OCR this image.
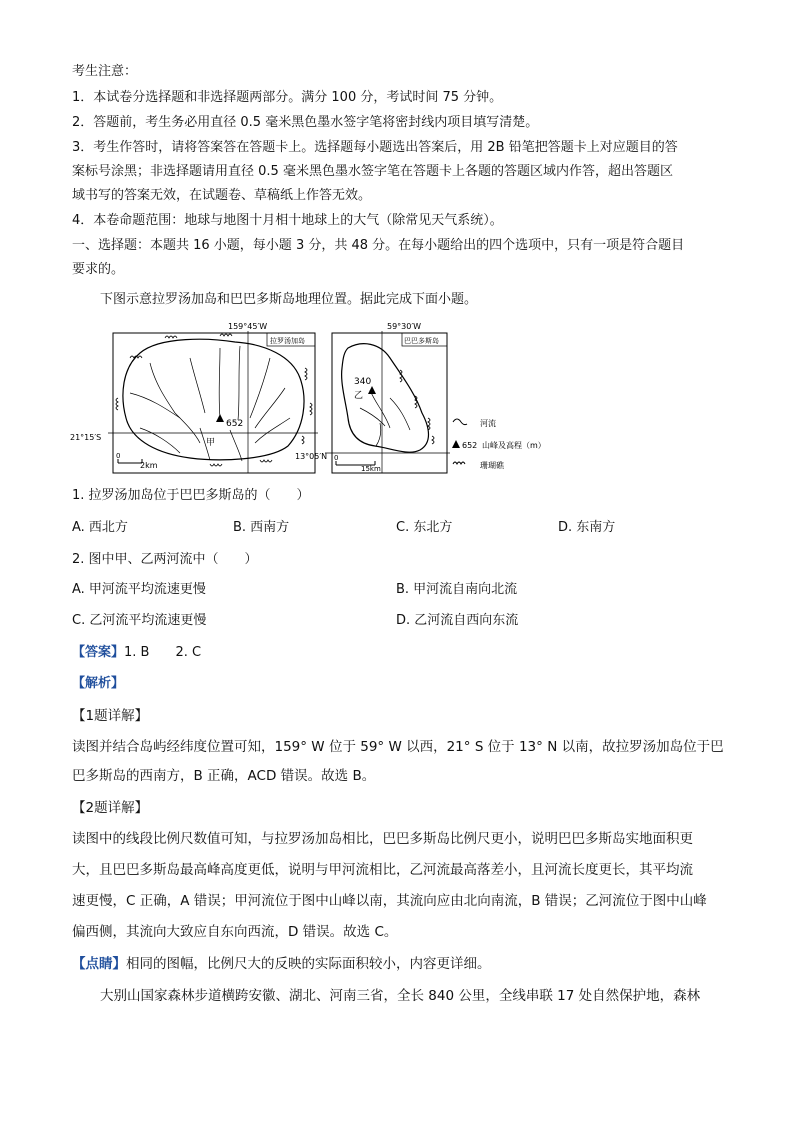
考生注意：
1．本试卷分选择题和非选择题两部分。满分 100 分，考试时间 75 分钟。
2．答题前，考生务必用直径 0.5 毫米黑色墨水签字笔将密封线内项目填写清楚。
3．考生作答时，请将答案答在答题卡上。选择题每小题选出答案后，用 2B 铅笔把答题卡上对应题目的答
案标号涂黑；非选择题请用直径 0.5 毫米黑色墨水签字笔在答题卡上各题的答题区域内作答，超出答题区
域书写的答案无效，在试题卷、草稿纸上作答无效。
4．本卷命题范围：地球与地图十月相十地球上的大气（除常见天气系统）。
一、选择题：本题共 16 小题，每小题 3 分，共 48 分。在每小题给出的四个选项中，只有一项是符合题目
要求的。
下图示意拉罗汤加岛和巴巴多斯岛地理位置。据此完成下面小题。
159°45′W
拉罗汤加岛
652
甲
21°15′S
0
2km
59°30′W
巴巴多斯岛
340
乙
13°05′N 0
15km
河流
652 山峰及高程（m）
珊瑚礁
1. 拉罗汤加岛位于巴巴多斯岛的（　　）
A. 西北方	B. 西南方	C. 东北方	D. 东南方
2. 图中甲、乙两河流中（　　）
A. 甲河流平均流速更慢	B. 甲河流自南向北流
C. 乙河流平均流速更慢	D. 乙河流自西向东流
【答案】1. B　　2. C
【解析】
【1题详解】
读图并结合岛屿经纬度位置可知，159° W 位于 59° W 以西，21° S 位于 13° N 以南，故拉罗汤加岛位于巴
巴多斯岛的西南方，B 正确，ACD 错误。故选 B。
【2题详解】
读图中的线段比例尺数值可知，与拉罗汤加岛相比，巴巴多斯岛比例尺更小，说明巴巴多斯岛实地面积更
大，且巴巴多斯岛最高峰高度更低，说明与甲河流相比，乙河流最高落差小，且河流长度更长，其平均流
速更慢，C 正确，A 错误；甲河流位于图中山峰以南，其流向应由北向南流，B 错误；乙河流位于图中山峰
偏西侧，其流向大致应自东向西流，D 错误。故选 C。
【点睛】相同的图幅，比例尺大的反映的实际面积较小，内容更详细。
大别山国家森林步道横跨安徽、湖北、河南三省，全长 840 公里，全线串联 17 处自然保护地，森林
